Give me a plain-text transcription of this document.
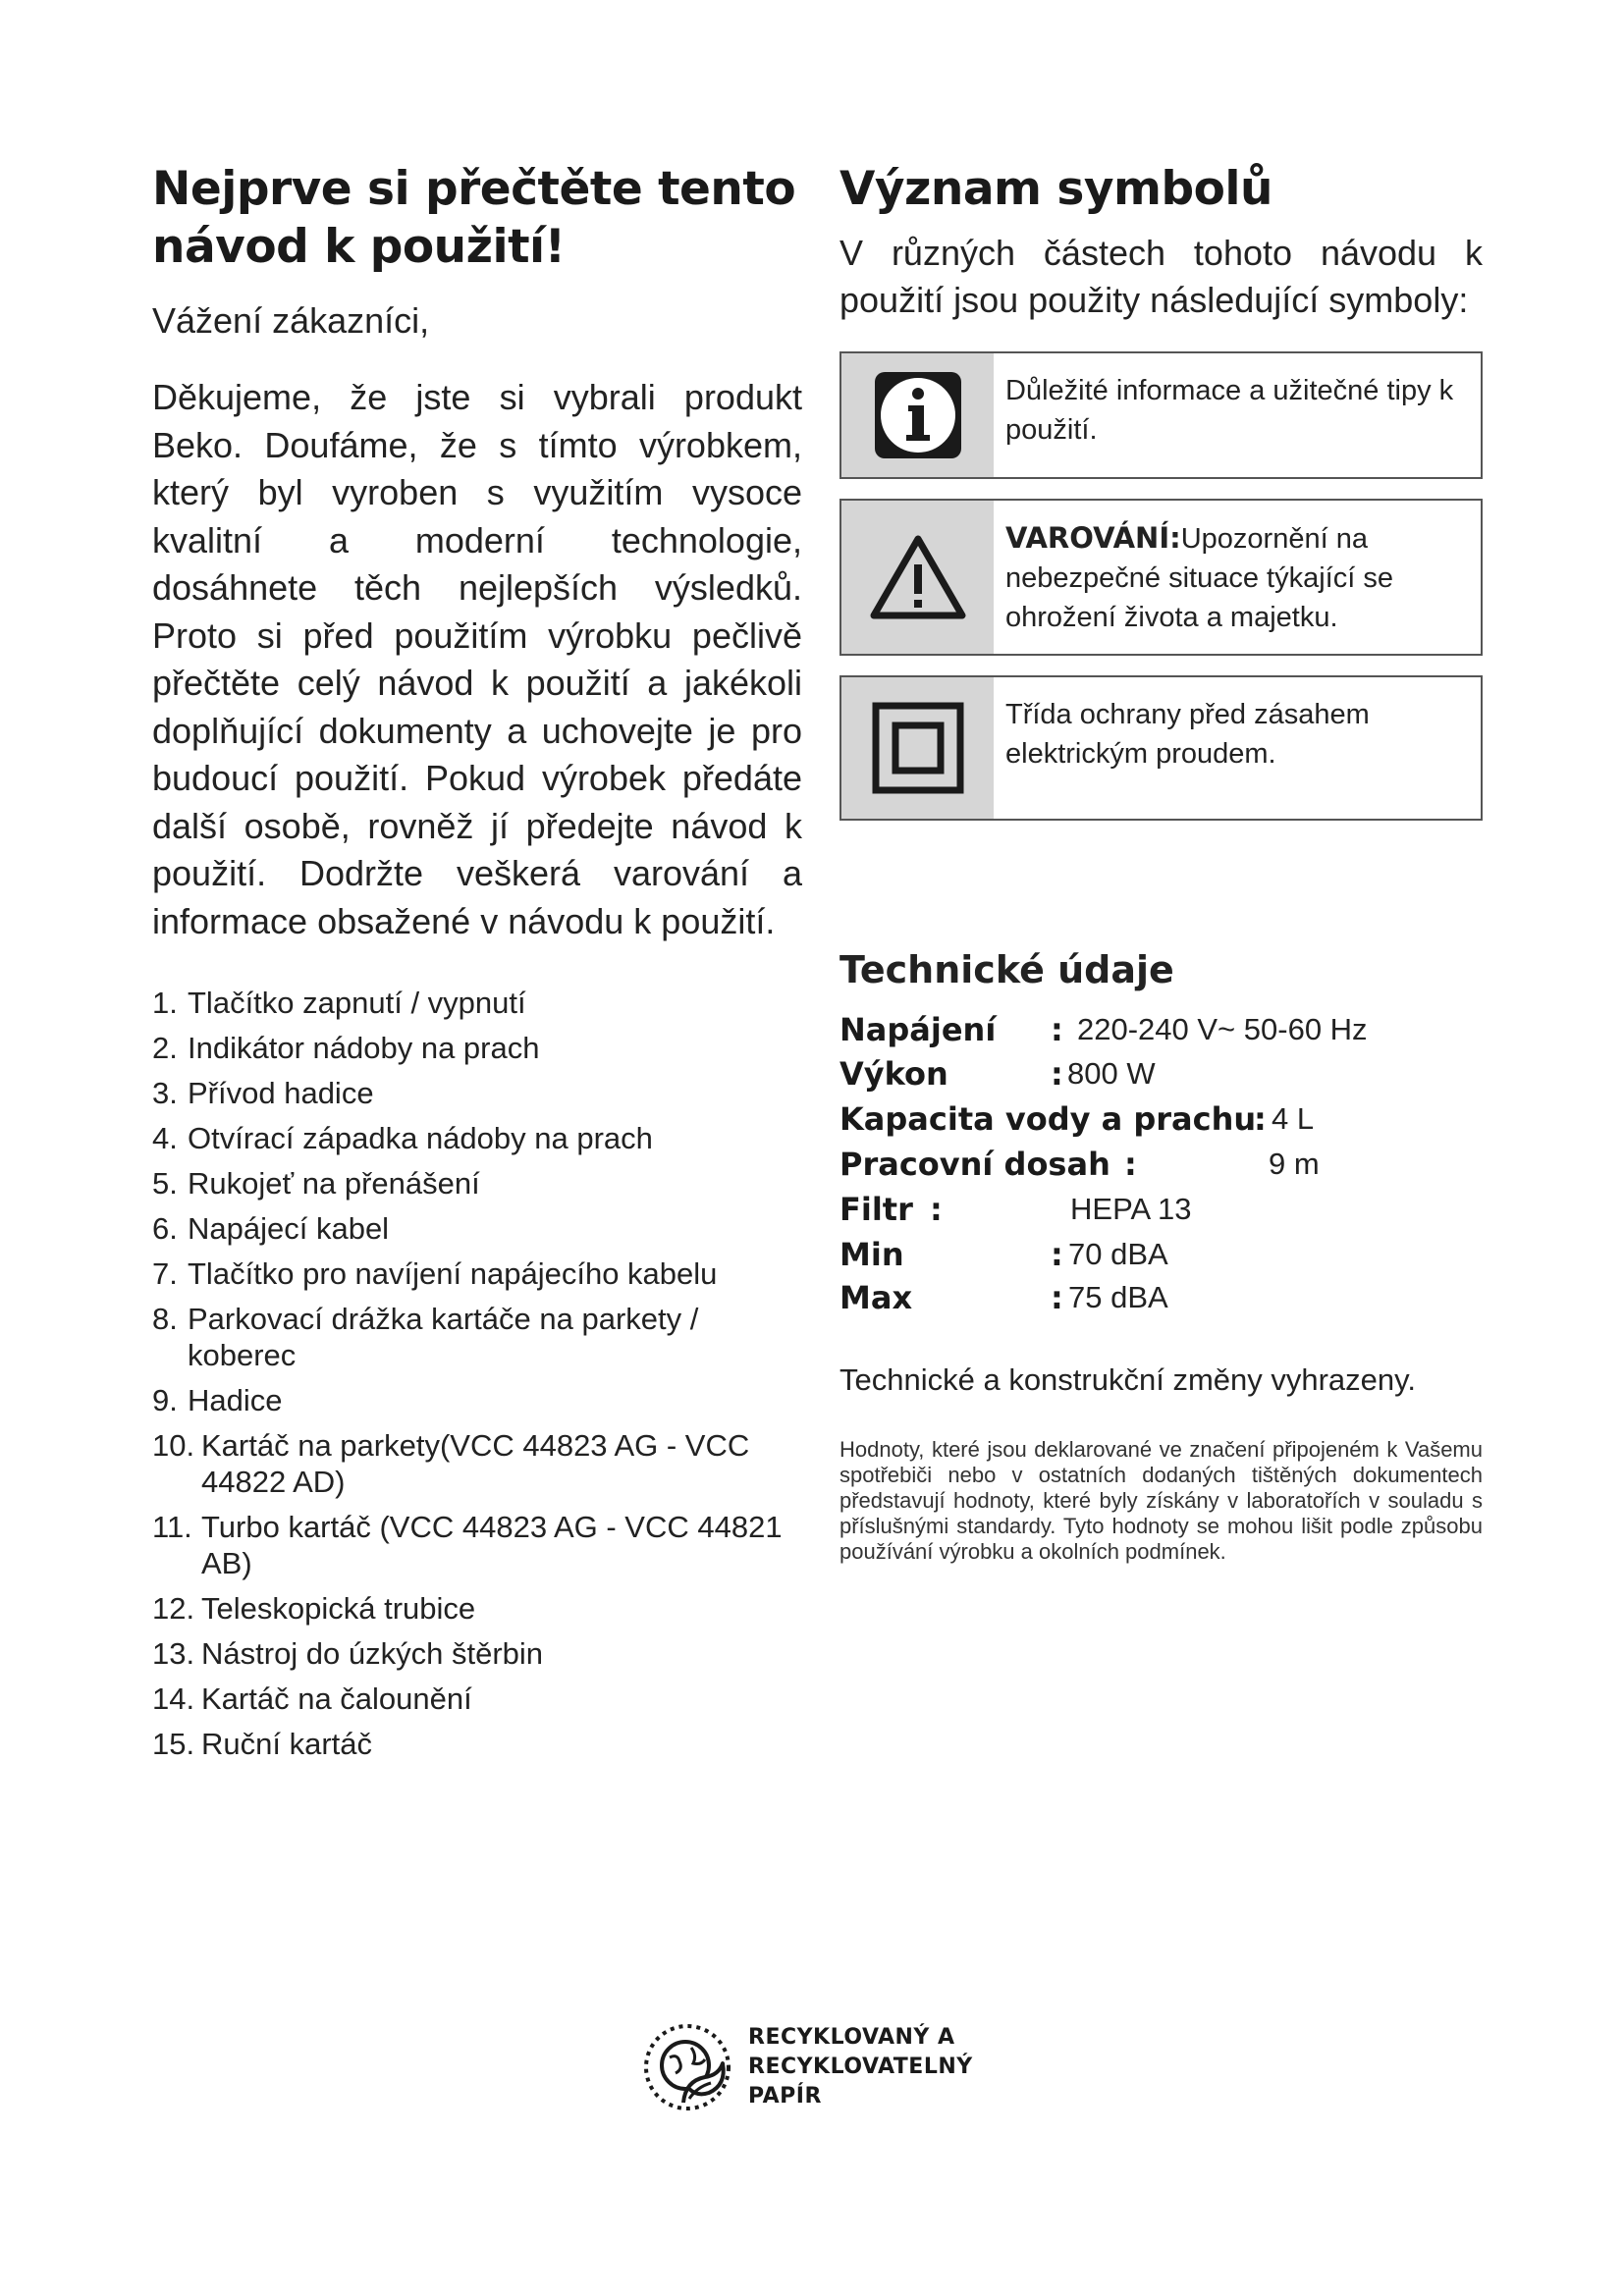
Nejprve si přečtěte tento návod k použití!

Vážení zákazníci,

Děkujeme, že jste si vybrali produkt Beko. Doufáme, že s tímto výrobkem, který byl vyroben s využitím vysoce kvalitní a moderní technologie, dosáhnete těch nejlepších výsledků. Proto si před použitím výrobku pečlivě přečtěte celý návod k použití a jakékoli doplňující dokumenty a uchovejte je pro budoucí použití. Pokud výrobek předáte další osobě, rovněž jí předejte návod k použití. Dodržte veškerá varování a informace obsažené v návodu k použití.

1. Tlačítko zapnutí / vypnutí
2. Indikátor nádoby na prach
3. Přívod hadice
4. Otvírací západka nádoby na prach
5. Rukojeť na přenášení
6. Napájecí kabel
7. Tlačítko pro navíjení napájecího kabelu
8. Parkovací drážka kartáče na parkety / koberec
9. Hadice
10. Kartáč na parkety(VCC 44823 AG - VCC 44822 AD)
11. Turbo kartáč (VCC 44823 AG - VCC 44821 AB)
12. Teleskopická trubice
13. Nástroj do úzkých štěrbin
14. Kartáč na čalounění
15. Ruční kartáč
Význam symbolů

V různých částech tohoto návodu k použití jsou použity následující symboly:

Důležité informace a užitečné tipy k použití.
VAROVÁNÍ:Upozornění na nebezpečné situace týkající se ohrožení života a majetku.
Třída ochrany před zásahem elektrickým proudem.
Technické údaje
Napájení : 220-240 V~ 50-60 Hz
Výkon	: 800 W
Kapacita vody a prachu
: 4 L
Pracovní dosah :	9 m
Filtr :	HEPA 13
Min	: 70 dBA
Max	: 75 dBA

Technické a konstrukční změny vyhrazeny.

Hodnoty, které jsou deklarované ve značení připojeném k Vašemu spotřebiči nebo v ostatních dodaných tištěných dokumentech představují hodnoty, které byly získány v laboratořích v souladu s příslušnými standardy. Tyto hodnoty se mohou lišit podle způsobu používání výrobku a okolních podmínek.

RECYKLOVANÝ A
RECYKLOVATELNÝ
PAPÍR
